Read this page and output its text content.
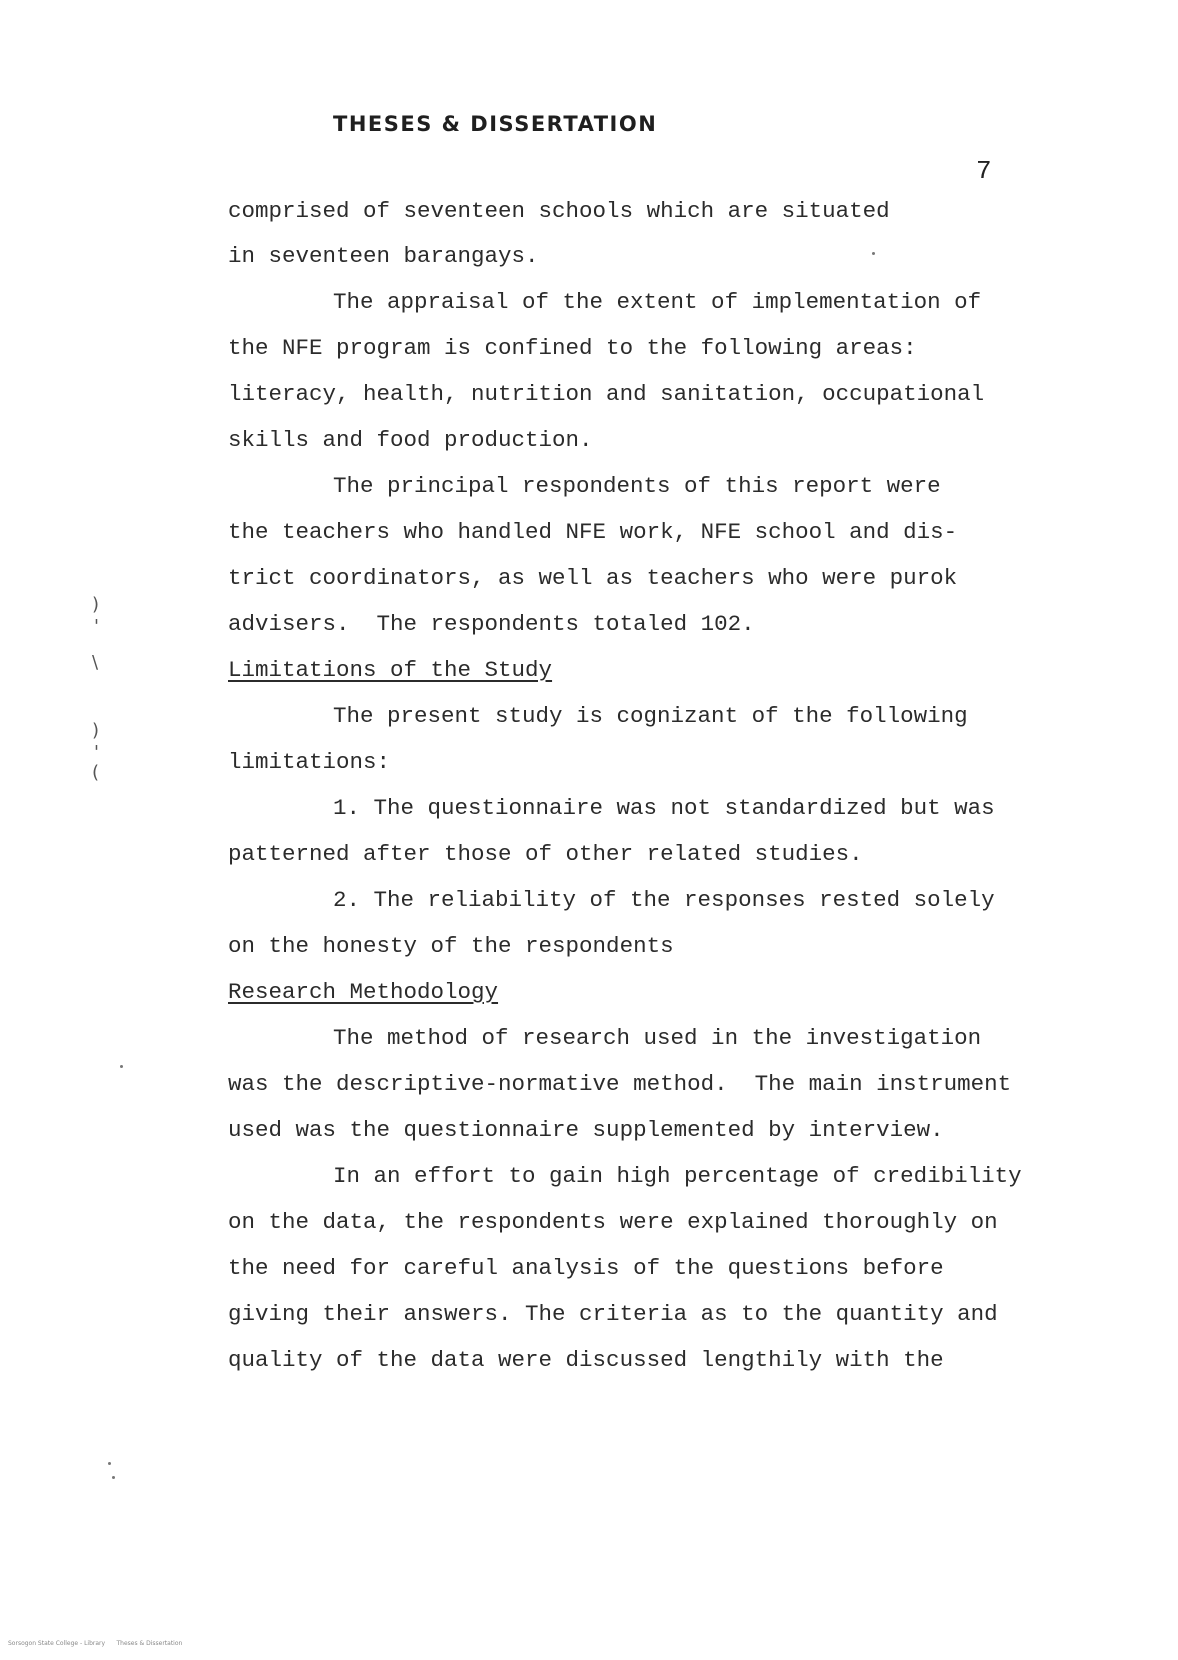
THESES & DISSERTATION
7
comprised of seventeen schools which are situated
in seventeen barangays.
The appraisal of the extent of implementation of
the NFE program is confined to the following areas:
literacy, health, nutrition and sanitation, occupational
skills and food production.
The principal respondents of this report were
the teachers who handled NFE work, NFE school and dis-
trict coordinators, as well as teachers who were purok
advisers.  The respondents totaled 102.
Limitations of the Study
The present study is cognizant of the following
limitations:
1. The questionnaire was not standardized but was
patterned after those of other related studies.
2. The reliability of the responses rested solely
on the honesty of the respondents
Research Methodology
The method of research used in the investigation
was the descriptive-normative method.  The main instrument
used was the questionnaire supplemented by interview.
In an effort to gain high percentage of credibility
on the data, the respondents were explained thoroughly on
the need for careful analysis of the questions before
giving their answers. The criteria as to the quantity and
quality of the data were discussed lengthily with the
)
'
\
)
'
(
Sorsogon State College - Library      Theses & Dissertation
